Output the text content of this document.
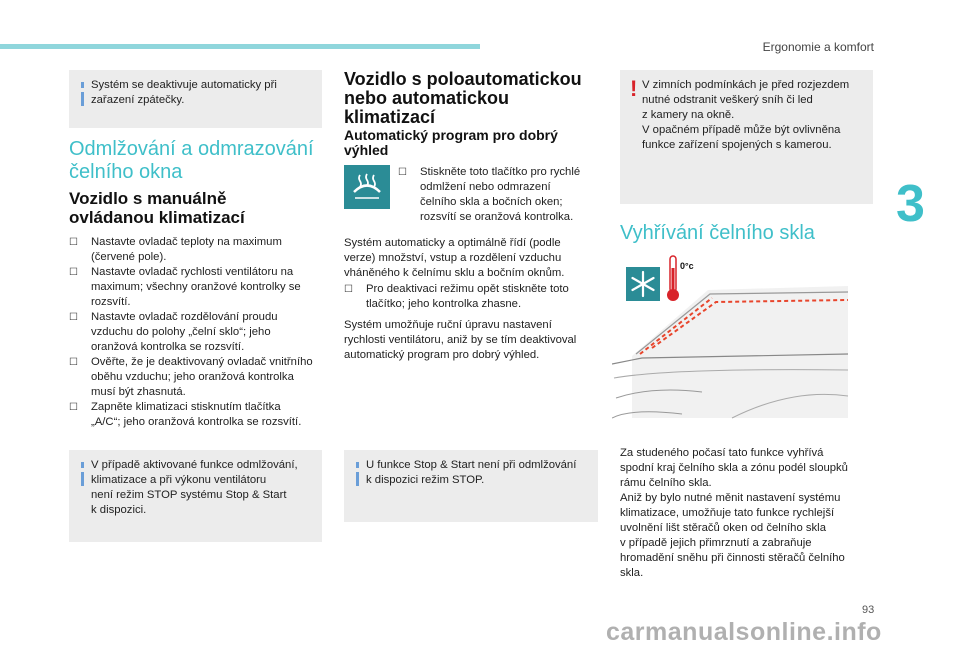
Ergonomie a komfort
3
Systém se deaktivuje automaticky při
zařazení zpátečky.
Odmlžování a odmrazování
čelního okna
Vozidlo s manuálně
ovládanou klimatizací
☐ Nastavte ovladač teploty na maximum
(červené pole).
☐ Nastavte ovladač rychlosti ventilátoru na
maximum; všechny oranžové kontrolky se
rozsvítí.
☐ Nastavte ovladač rozdělování proudu
vzduchu do polohy „čelní sklo“; jeho
oranžová kontrolka se rozsvítí.
☐ Ověřte, že je deaktivovaný ovladač vnitřního
oběhu vzduchu; jeho oranžová kontrolka
musí být zhasnutá.
☐ Zapněte klimatizaci stisknutím tlačítka
„A/C“; jeho oranžová kontrolka se rozsvítí.
V případě aktivované funkce odmlžování,
klimatizace a při výkonu ventilátoru
není režim STOP systému Stop & Start
k dispozici.
Vozidlo s poloautomatickou
nebo automatickou
klimatizací
Automatický program pro dobrý
výhled
☐ Stiskněte toto tlačítko pro rychlé
odmlžení nebo odmrazení
čelního skla a bočních oken;
rozsvítí se oranžová kontrolka.
Systém automaticky a optimálně řídí (podle
verze) množství, vstup a rozdělení vzduchu
vháněného k čelnímu sklu a bočním oknům.
☐ Pro deaktivaci režimu opět stiskněte toto
tlačítko; jeho kontrolka zhasne.
Systém umožňuje ruční úpravu nastavení
rychlosti ventilátoru, aniž by se tím deaktivoval
automatický program pro dobrý výhled.
U funkce Stop & Start není při odmlžování
k dispozici režim STOP.
! V zimních podmínkách je před rozjezdem
nutné odstranit veškerý sníh či led
z kamery na okně.
V opačném případě může být ovlivněna
funkce zařízení spojených s kamerou.
Vyhřívání čelního skla
0°c
Za studeného počasí tato funkce vyhřívá
spodní kraj čelního skla a zónu podél sloupků
rámu čelního skla.
Aniž by bylo nutné měnit nastavení systému
klimatizace, umožňuje tato funkce rychlejší
uvolnění lišt stěračů oken od čelního skla
v případě jejich přimrznutí a zabraňuje
hromadění sněhu při činnosti stěračů čelního
skla.
93
carmanualsonline.info
